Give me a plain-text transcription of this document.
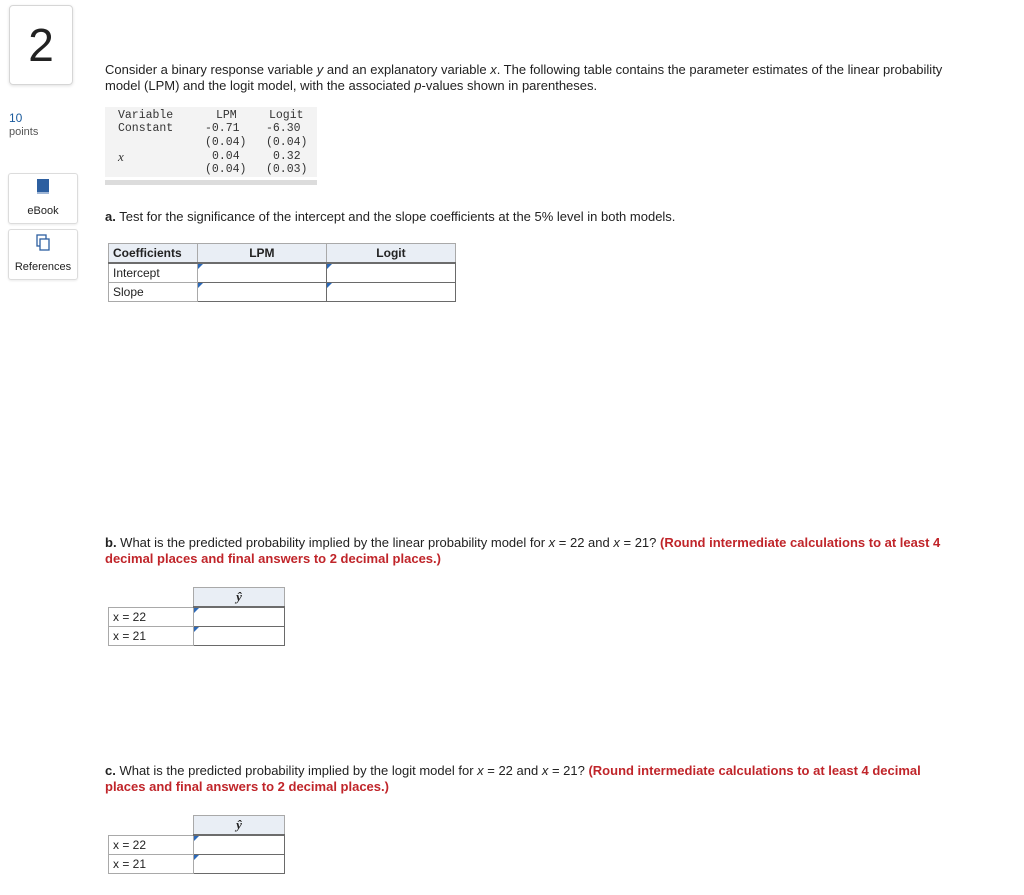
2
10
points
eBook
References
Consider a binary response variable y and an explanatory variable x. The following table contains the parameter estimates of the linear probability model (LPM) and the logit model, with the associated p-values shown in parentheses.
Variable	LPM	Logit
Constant	-0.71 -6.30
(0.04) (0.04)
x	0.04	0.32
(0.04) (0.03)
a. Test for the significance of the intercept and the slope coefficients at the 5% level in both models.
Coefficients	LPM	Logit
Intercept		
Slope		
b. What is the predicted probability implied by the linear probability model for x = 22 and x = 21? (Round intermediate calculations to at least 4 decimal places and final answers to 2 decimal places.)
	ŷ
x = 22	
x = 21	
c. What is the predicted probability implied by the logit model for x = 22 and x = 21? (Round intermediate calculations to at least 4 decimal places and final answers to 2 decimal places.)
	ŷ
x = 22	
x = 21	
